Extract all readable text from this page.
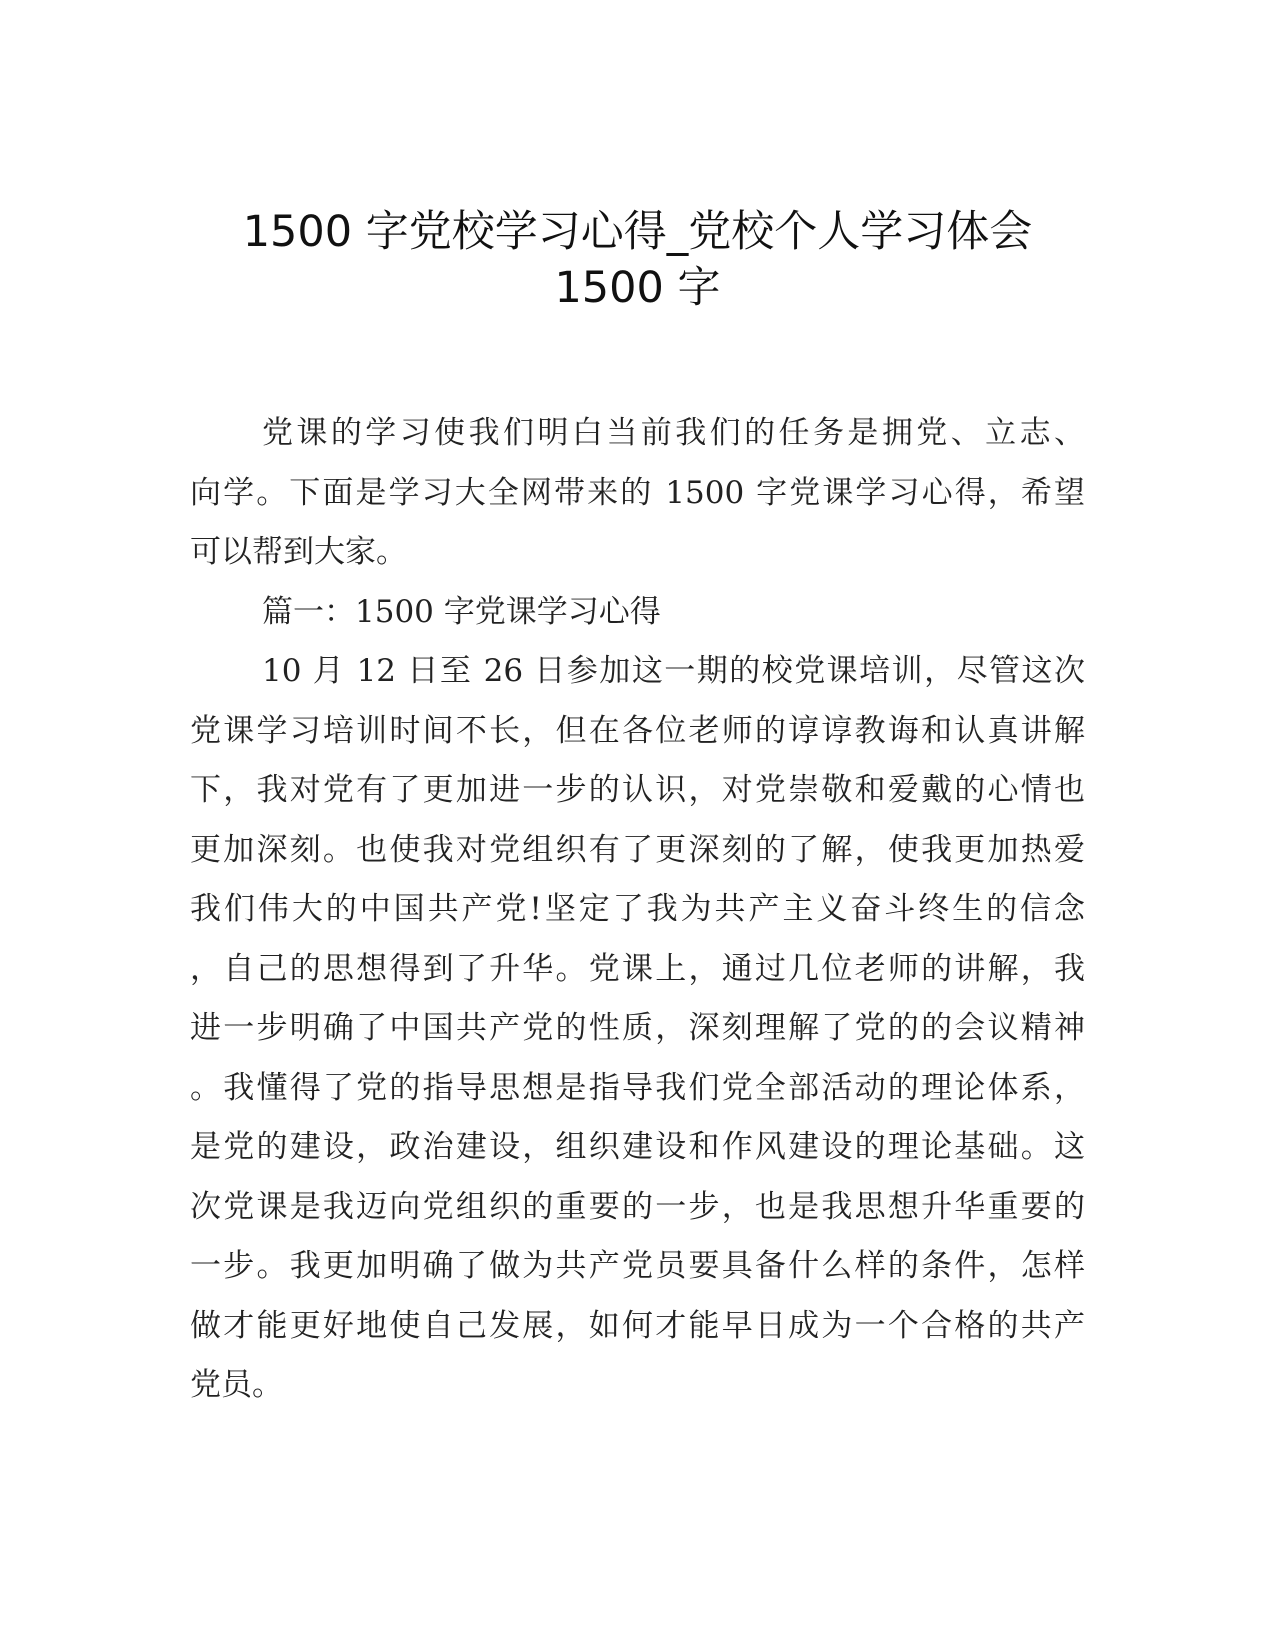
1500 字党校学习心得_党校个人学习体会
1500 字
党课的学习使我们明白当前我们的任务是拥党、立志、
向学。下面是学习大全网带来的 1500 字党课学习心得，希望
可以帮到大家。
篇一：1500 字党课学习心得
10 月 12 日至 26 日参加这一期的校党课培训，尽管这次
党课学习培训时间不长，但在各位老师的谆谆教诲和认真讲解
下，我对党有了更加进一步的认识，对党崇敬和爱戴的心情也
更加深刻。也使我对党组织有了更深刻的了解，使我更加热爱
我们伟大的中国共产党!坚定了我为共产主义奋斗终生的信念
，自己的思想得到了升华。党课上，通过几位老师的讲解，我
进一步明确了中国共产党的性质，深刻理解了党的的会议精神
。我懂得了党的指导思想是指导我们党全部活动的理论体系，
是党的建设，政治建设，组织建设和作风建设的理论基础。这
次党课是我迈向党组织的重要的一步，也是我思想升华重要的
一步。我更加明确了做为共产党员要具备什么样的条件，怎样
做才能更好地使自己发展，如何才能早日成为一个合格的共产
党员。
